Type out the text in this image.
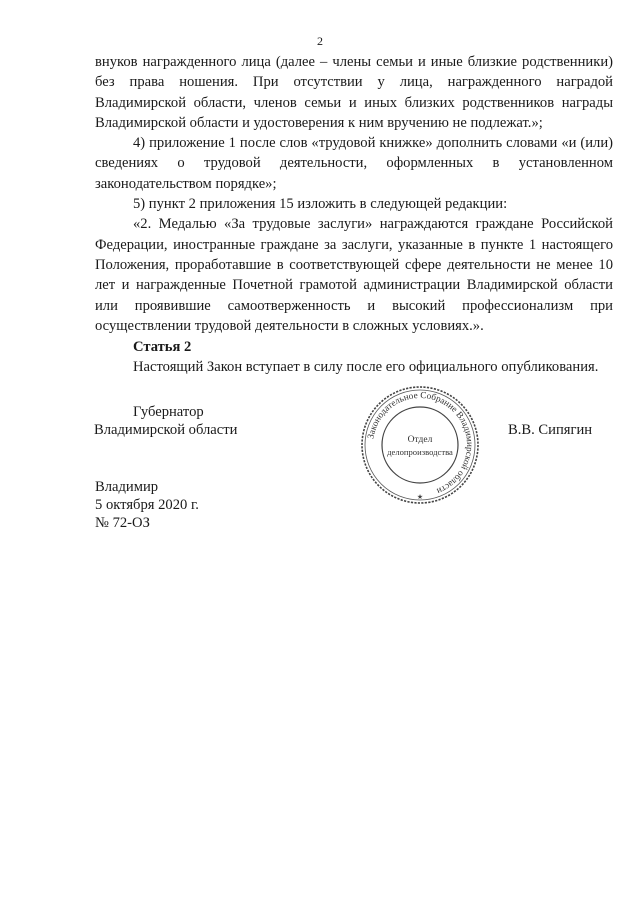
2

внуков награжденного лица (далее – члены семьи и иные близкие родственники) без права ношения. При отсутствии у лица, награжденного наградой Владимирской области, членов семьи и иных близких родственников награды Владимирской области и удостоверения к ним вручению не подлежат.»;

4) приложение 1 после слов «трудовой книжке» дополнить словами «и (или) сведениях о трудовой деятельности, оформленных в установленном законодательством порядке»;

5) пункт 2 приложения 15 изложить в следующей редакции:

«2. Медалью «За трудовые заслуги» награждаются граждане Российской Федерации, иностранные граждане за заслуги, указанные в пункте 1 настоящего Положения, проработавшие в соответствующей сфере деятельности не менее 10 лет и награжденные Почетной грамотой администрации Владимирской области или проявившие самоотверженность и высокий профессионализм при осуществлении трудовой деятельности в сложных условиях.».

Статья 2
Настоящий Закон вступает в силу после его официального опубликования.
Губернатор
Владимирской области	В.В. Сипягин
Владимир
5 октября 2020 г.
№ 72-ОЗ
Законодательное Собрание Владимирской области
Отдел
делопроизводства
★
